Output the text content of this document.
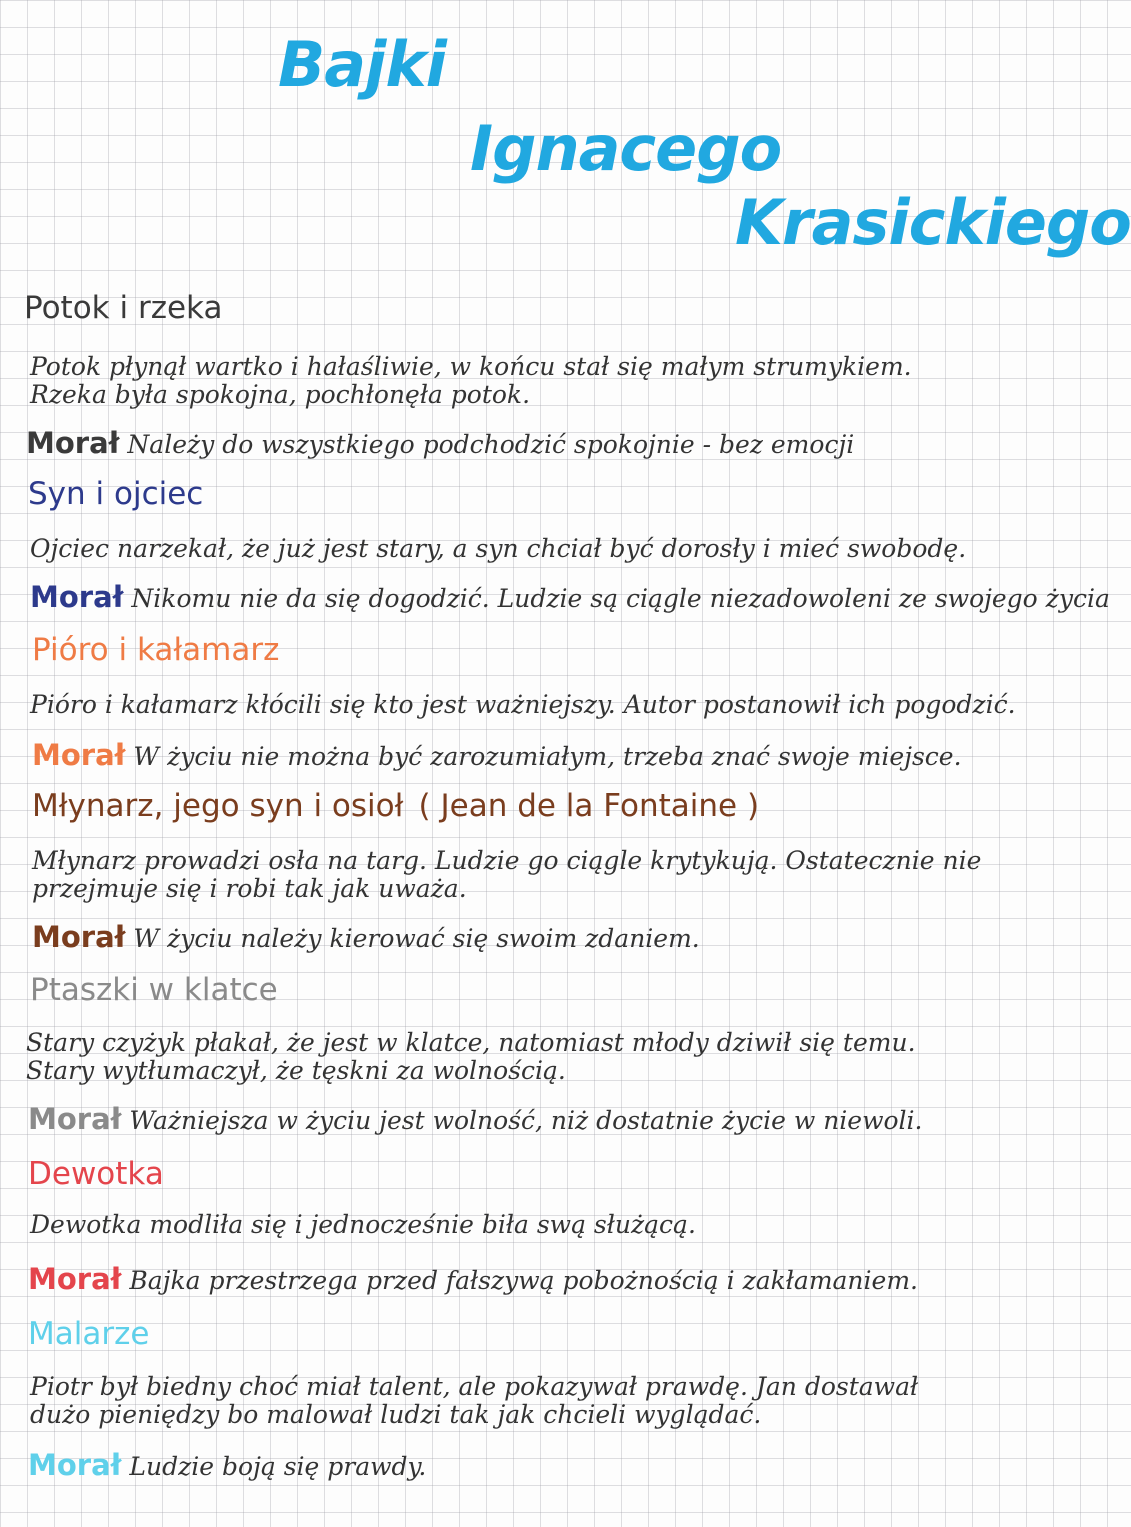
Bajki
Ignacego
Krasickiego
Potok i rzeka
Potok płynął wartko i hałaśliwie, w końcu stał się małym strumykiem.
Rzeka była spokojna, pochłonęła potok.
Morał Należy do wszystkiego podchodzić spokojnie - bez emocji
Syn i ojciec
Ojciec narzekał, że już jest stary, a syn chciał być dorosły i mieć swobodę.
Morał Nikomu nie da się dogodzić. Ludzie są ciągle niezadowoleni ze swojego życia
Pióro i kałamarz
Pióro i kałamarz kłócili się kto jest ważniejszy. Autor postanowił ich pogodzić.
Morał W życiu nie można być zarozumiałym, trzeba znać swoje miejsce.
Młynarz, jego syn i osioł ( Jean de la Fontaine )
Młynarz prowadzi osła na targ. Ludzie go ciągle krytykują. Ostatecznie nie
przejmuje się i robi tak jak uważa.
Morał W życiu należy kierować się swoim zdaniem.
Ptaszki w klatce
Stary czyżyk płakał, że jest w klatce, natomiast młody dziwił się temu.
Stary wytłumaczył, że tęskni za wolnością.
Morał Ważniejsza w życiu jest wolność, niż dostatnie życie w niewoli.
Dewotka
Dewotka modliła się i jednocześnie biła swą służącą.
Morał Bajka przestrzega przed fałszywą pobożnością i zakłamaniem.
Malarze
Piotr był biedny choć miał talent, ale pokazywał prawdę. Jan dostawał
dużo pieniędzy bo malował ludzi tak jak chcieli wyglądać.
Morał Ludzie boją się prawdy.
